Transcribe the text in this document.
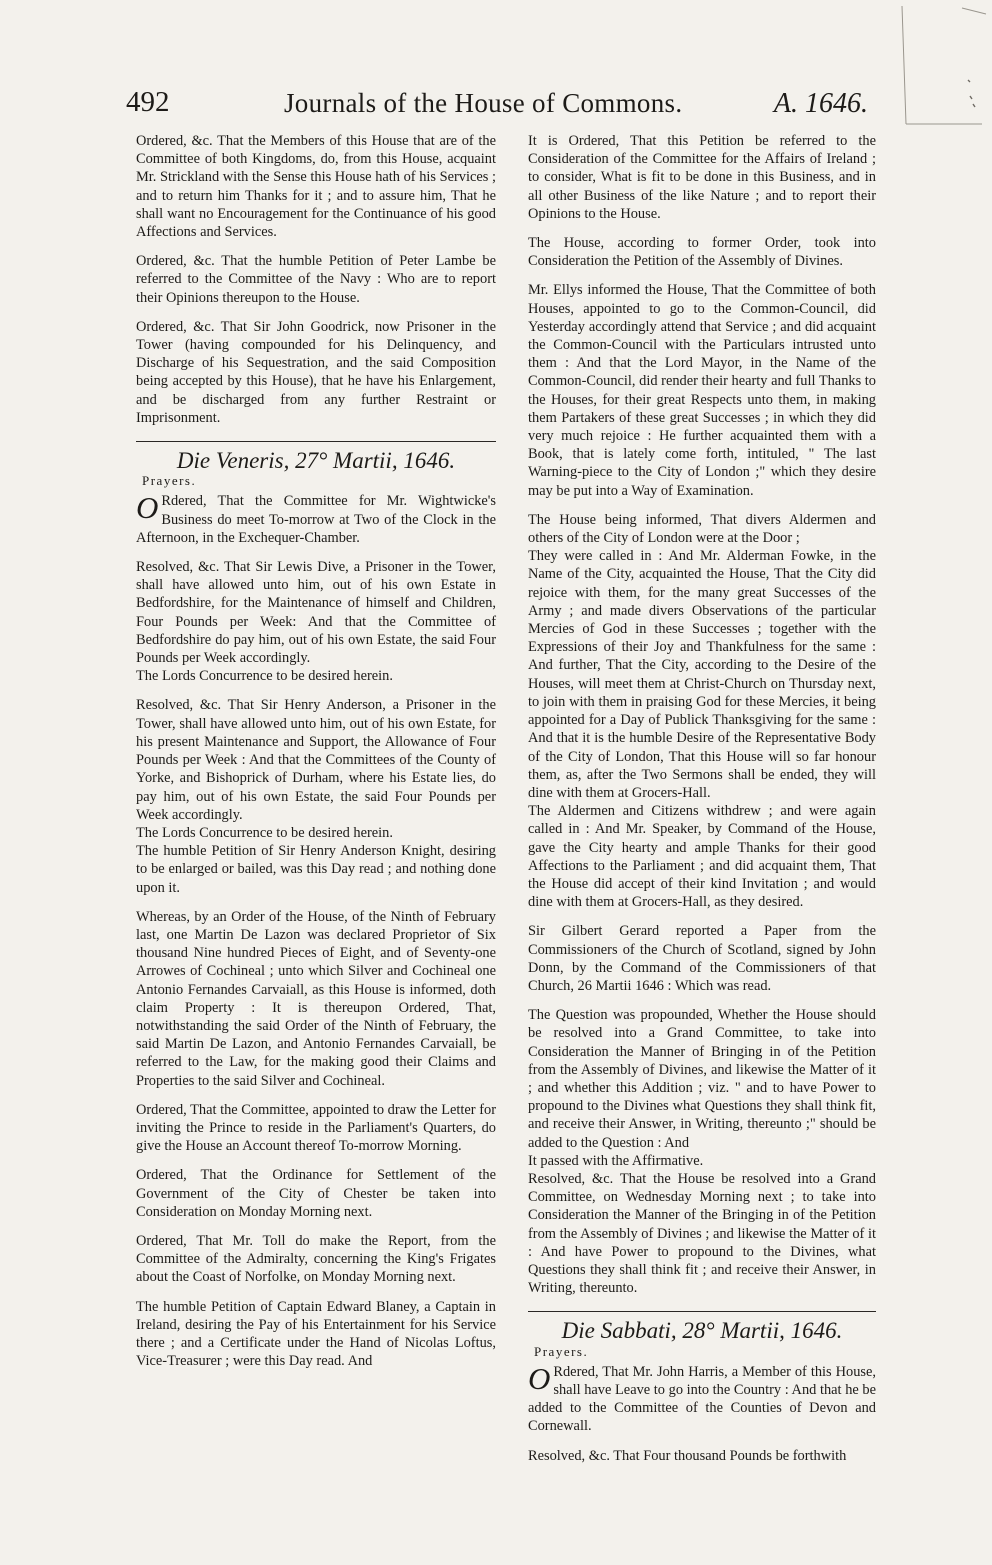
492	Journals of the House of Commons.	A. 1646.

Ordered, &c. That the Members of this House that are of the Committee of both Kingdoms, do, from this House, acquaint Mr. Strickland with the Sense this House hath of his Services ; and to return him Thanks for it ; and to assure him, That he shall want no Encouragement for the Continuance of his good Affections and Services.

Ordered, &c. That the humble Petition of Peter Lambe be referred to the Committee of the Navy : Who are to report their Opinions thereupon to the House.

Ordered, &c. That Sir John Goodrick, now Prisoner in the Tower (having compounded for his Delinquency, and Discharge of his Sequestration, and the said Composition being accepted by this House), that he have his Enlargement, and be discharged from any further Restraint or Imprisonment.

Die Veneris, 27° Martii, 1646.
Prayers.

O Rdered, That the Committee for Mr. Wightwicke's Business do meet To-morrow at Two of the Clock in the Afternoon, in the Exchequer-Chamber.

Resolved, &c. That Sir Lewis Dive, a Prisoner in the Tower, shall have allowed unto him, out of his own Estate in Bedfordshire, for the Maintenance of himself and Children, Four Pounds per Week: And that the Committee of Bedfordshire do pay him, out of his own Estate, the said Four Pounds per Week accordingly.

The Lords Concurrence to be desired herein.

Resolved, &c. That Sir Henry Anderson, a Prisoner in the Tower, shall have allowed unto him, out of his own Estate, for his present Maintenance and Support, the Allowance of Four Pounds per Week : And that the Committees of the County of Yorke, and Bishoprick of Durham, where his Estate lies, do pay him, out of his own Estate, the said Four Pounds per Week accordingly.

The Lords Concurrence to be desired herein.

The humble Petition of Sir Henry Anderson Knight, desiring to be enlarged or bailed, was this Day read ; and nothing done upon it.

Whereas, by an Order of the House, of the Ninth of February last, one Martin De Lazon was declared Proprietor of Six thousand Nine hundred Pieces of Eight, and of Seventy-one Arrowes of Cochineal ; unto which Silver and Cochineal one Antonio Fernandes Carvaiall, as this House is informed, doth claim Property : It is thereupon Ordered, That, notwithstanding the said Order of the Ninth of February, the said Martin De Lazon, and Antonio Fernandes Carvaiall, be referred to the Law, for the making good their Claims and Properties to the said Silver and Cochineal.

Ordered, That the Committee, appointed to draw the Letter for inviting the Prince to reside in the Parliament's Quarters, do give the House an Account thereof To-morrow Morning.

Ordered, That the Ordinance for Settlement of the Government of the City of Chester be taken into Consideration on Monday Morning next.

Ordered, That Mr. Toll do make the Report, from the Committee of the Admiralty, concerning the King's Frigates about the Coast of Norfolke, on Monday Morning next.

The humble Petition of Captain Edward Blaney, a Captain in Ireland, desiring the Pay of his Entertainment for his Service there ; and a Certificate under the Hand of Nicolas Loftus, Vice-Treasurer ; were this Day read. And

It is Ordered, That this Petition be referred to the Consideration of the Committee for the Affairs of Ireland ; to consider, What is fit to be done in this Business, and in all other Business of the like Nature ; and to report their Opinions to the House.

The House, according to former Order, took into Consideration the Petition of the Assembly of Divines.

Mr. Ellys informed the House, That the Committee of both Houses, appointed to go to the Common-Council, did Yesterday accordingly attend that Service ; and did acquaint the Common-Council with the Particulars intrusted unto them : And that the Lord Mayor, in the Name of the Common-Council, did render their hearty and full Thanks to the Houses, for their great Respects unto them, in making them Partakers of these great Successes ; in which they did very much rejoice : He further acquainted them with a Book, that is lately come forth, intituled, " The last Warning-piece to the City of London ;" which they desire may be put into a Way of Examination.

The House being informed, That divers Aldermen and others of the City of London were at the Door ;

They were called in : And Mr. Alderman Fowke, in the Name of the City, acquainted the House, That the City did rejoice with them, for the many great Successes of the Army ; and made divers Observations of the particular Mercies of God in these Successes ; together with the Expressions of their Joy and Thankfulness for the same : And further, That the City, according to the Desire of the Houses, will meet them at Christ-Church on Thursday next, to join with them in praising God for these Mercies, it being appointed for a Day of Publick Thanksgiving for the same : And that it is the humble Desire of the Representative Body of the City of London, That this House will so far honour them, as, after the Two Sermons shall be ended, they will dine with them at Grocers-Hall.

The Aldermen and Citizens withdrew ; and were again called in : And Mr. Speaker, by Command of the House, gave the City hearty and ample Thanks for their good Affections to the Parliament ; and did acquaint them, That the House did accept of their kind Invitation ; and would dine with them at Grocers-Hall, as they desired.

Sir Gilbert Gerard reported a Paper from the Commissioners of the Church of Scotland, signed by John Donn, by the Command of the Commissioners of that Church, 26 Martii 1646 : Which was read.

The Question was propounded, Whether the House should be resolved into a Grand Committee, to take into Consideration the Manner of Bringing in of the Petition from the Assembly of Divines, and likewise the Matter of it ; and whether this Addition ; viz. " and to have Power to propound to the Divines what Questions they shall think fit, and receive their Answer, in Writing, thereunto ;" should be added to the Question : And

It passed with the Affirmative.

Resolved, &c. That the House be resolved into a Grand Committee, on Wednesday Morning next ; to take into Consideration the Manner of the Bringing in of the Petition from the Assembly of Divines ; and likewise the Matter of it : And have Power to propound to the Divines, what Questions they shall think fit ; and receive their Answer, in Writing, thereunto.

Die Sabbati, 28° Martii, 1646.
Prayers.

O Rdered, That Mr. John Harris, a Member of this House, shall have Leave to go into the Country : And that he be added to the Committee of the Counties of Devon and Cornewall.

Resolved, &c. That Four thousand Pounds be forthwith
